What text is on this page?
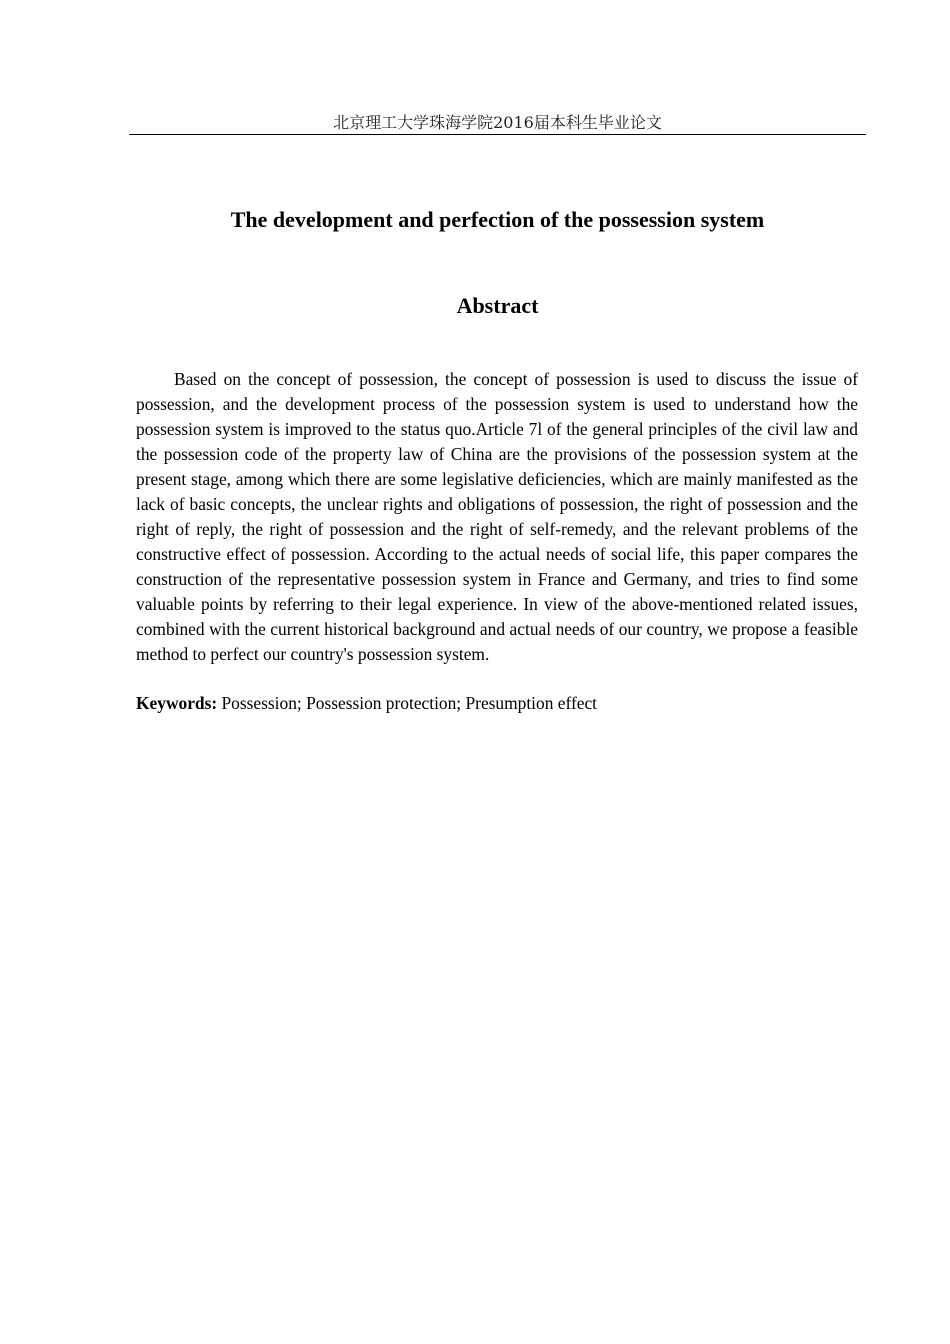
北京理工大学珠海学院2016届本科生毕业论文
The development and perfection of the possession system
Abstract

Based on the concept of possession, the concept of possession is used to discuss the issue of possession, and the development process of the possession system is used to understand how the possession system is improved to the status quo.Article 7l of the general principles of the civil law and the possession code of the property law of China are the provisions of the possession system at the present stage, among which there are some legislative deficiencies, which are mainly manifested as the lack of basic concepts, the unclear rights and obligations of possession, the right of possession and the right of reply, the right of possession and the right of self-remedy, and the relevant problems of the constructive effect of possession. According to the actual needs of social life, this paper compares the construction of the representative possession system in France and Germany, and tries to find some valuable points by referring to their legal experience. In view of the above-mentioned related issues, combined with the current historical background and actual needs of our country, we propose a feasible method to perfect our country's possession system.

Keywords: Possession; Possession protection; Presumption effect
